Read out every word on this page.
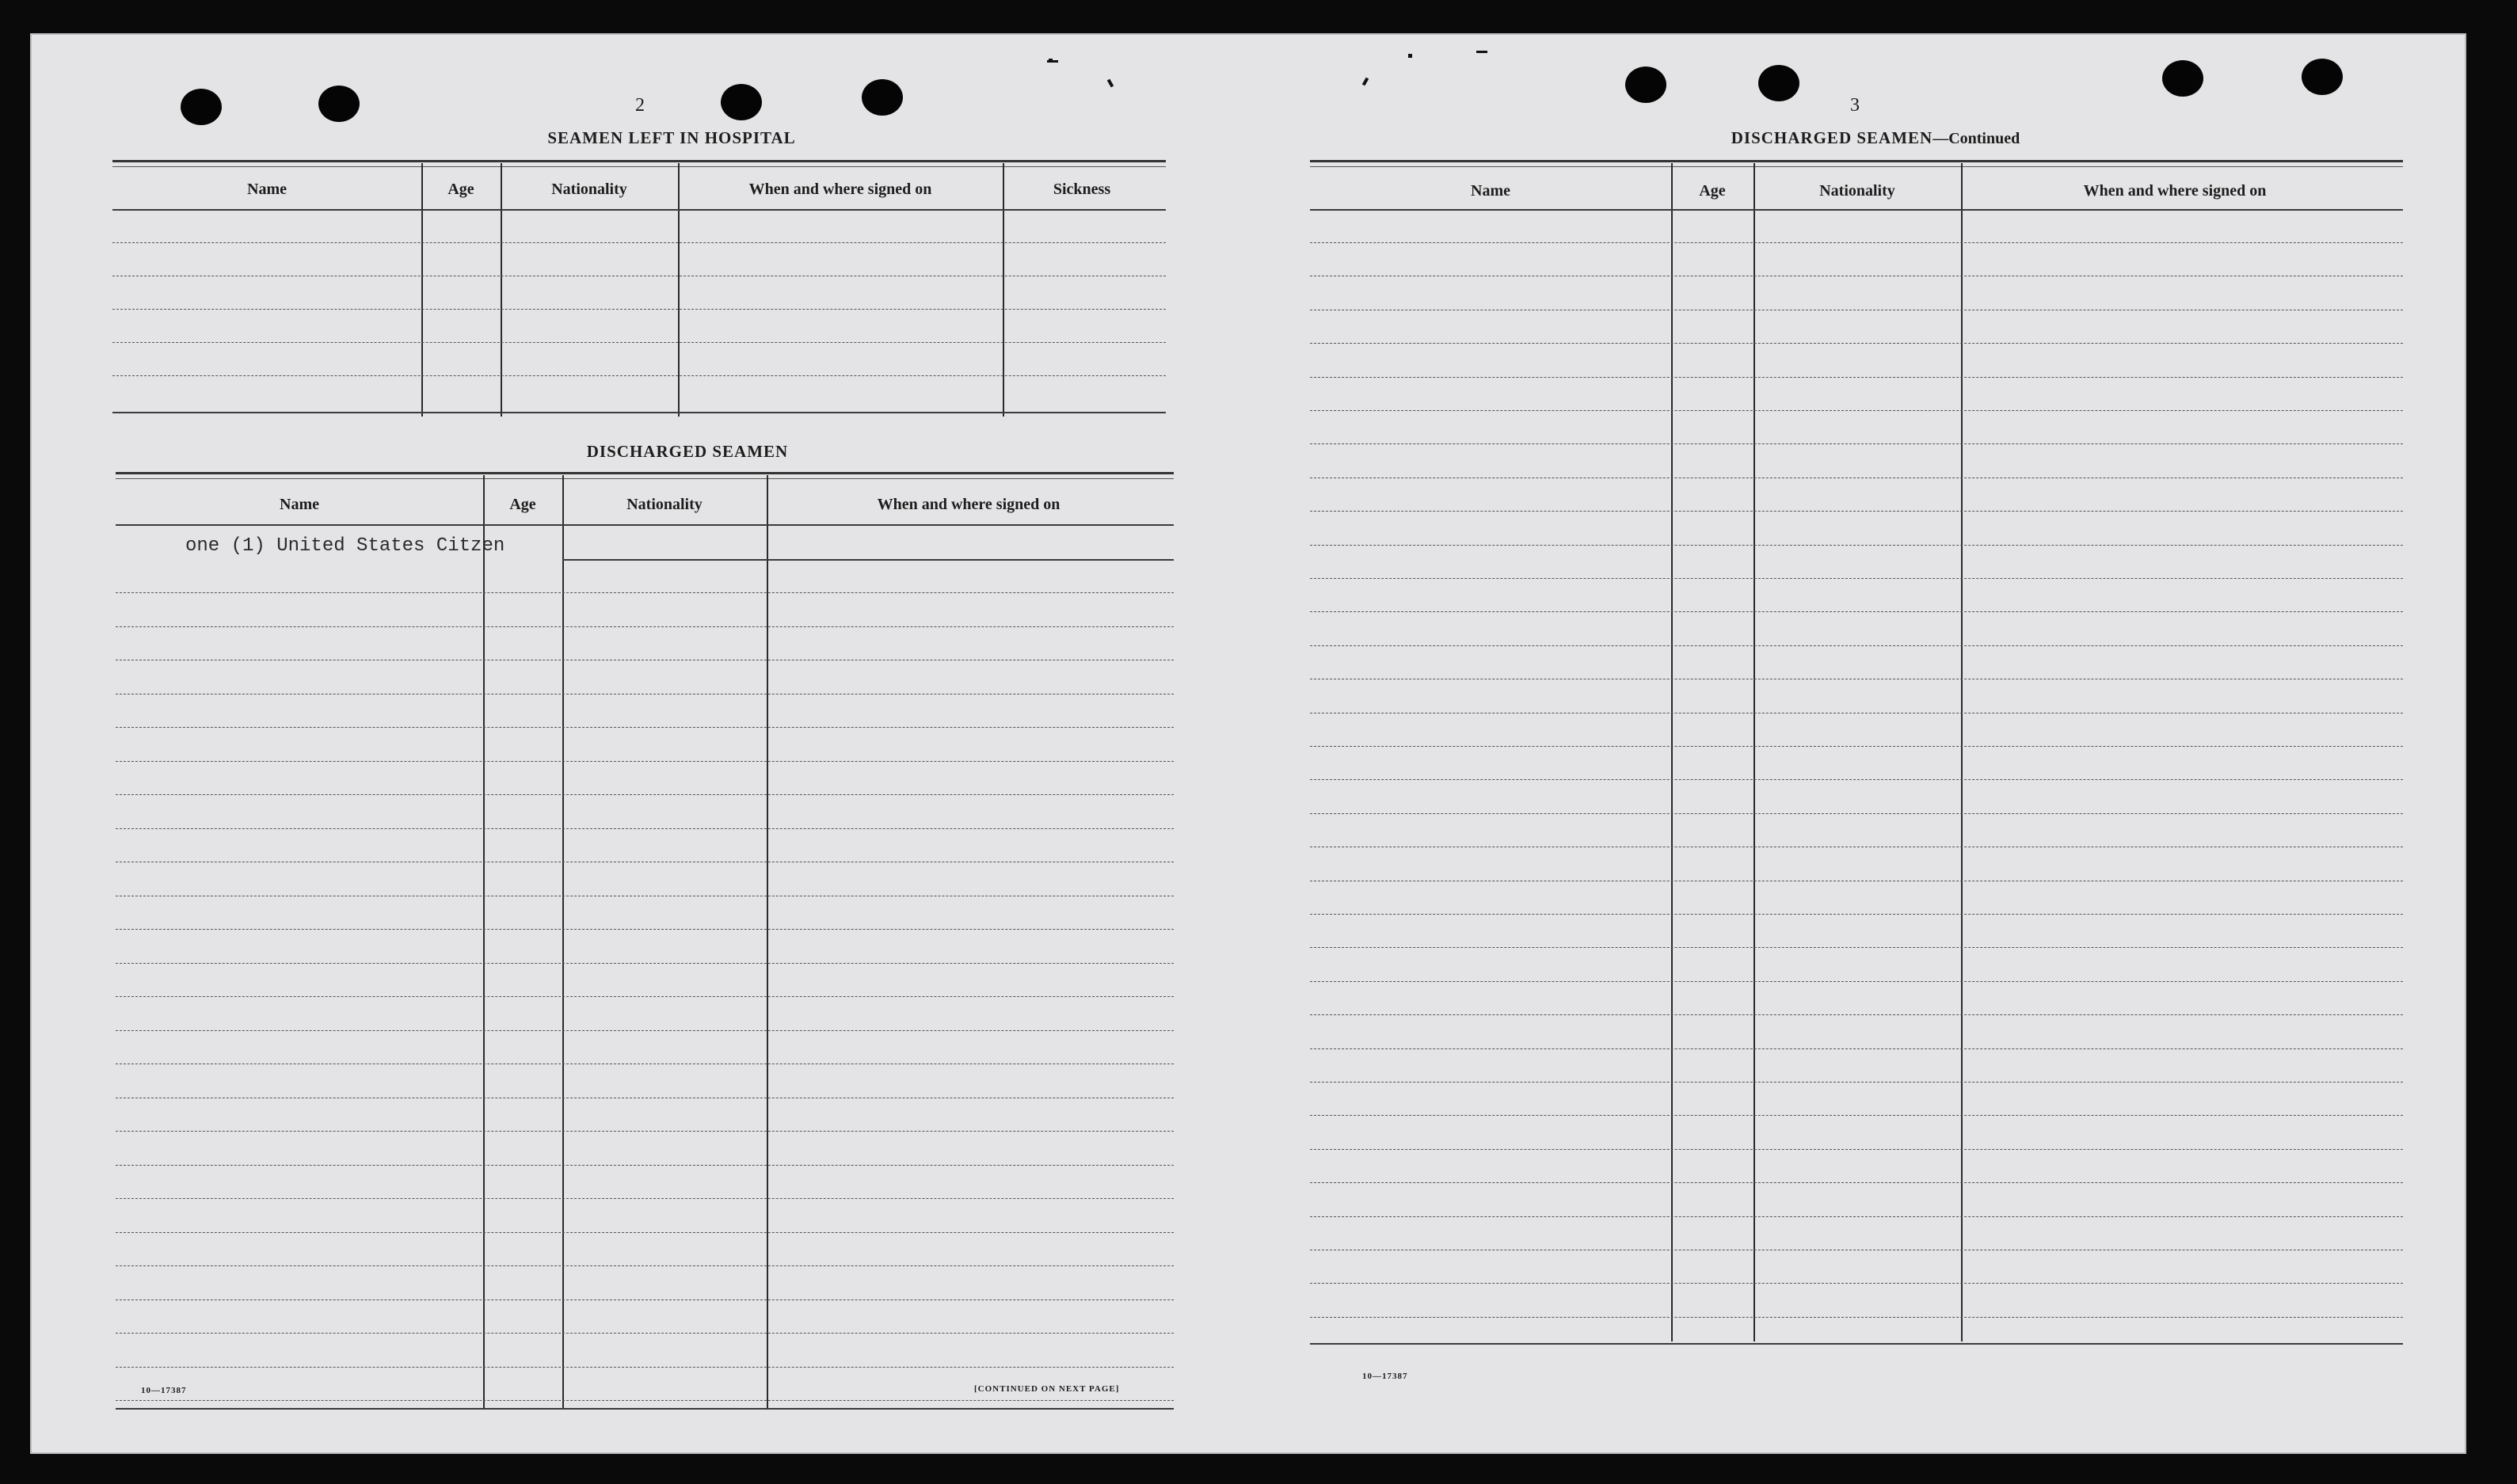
2
SEAMEN LEFT IN HOSPITAL
Name	Age	Nationality	When and where signed on	Sickness
DISCHARGED SEAMEN
Name	Age	Nationality	When and where signed on
one (1) United States Citzen
10—17387	[CONTINUED ON NEXT PAGE]
3
DISCHARGED SEAMEN—Continued
Name	Age	Nationality	When and where signed on
10—17387
